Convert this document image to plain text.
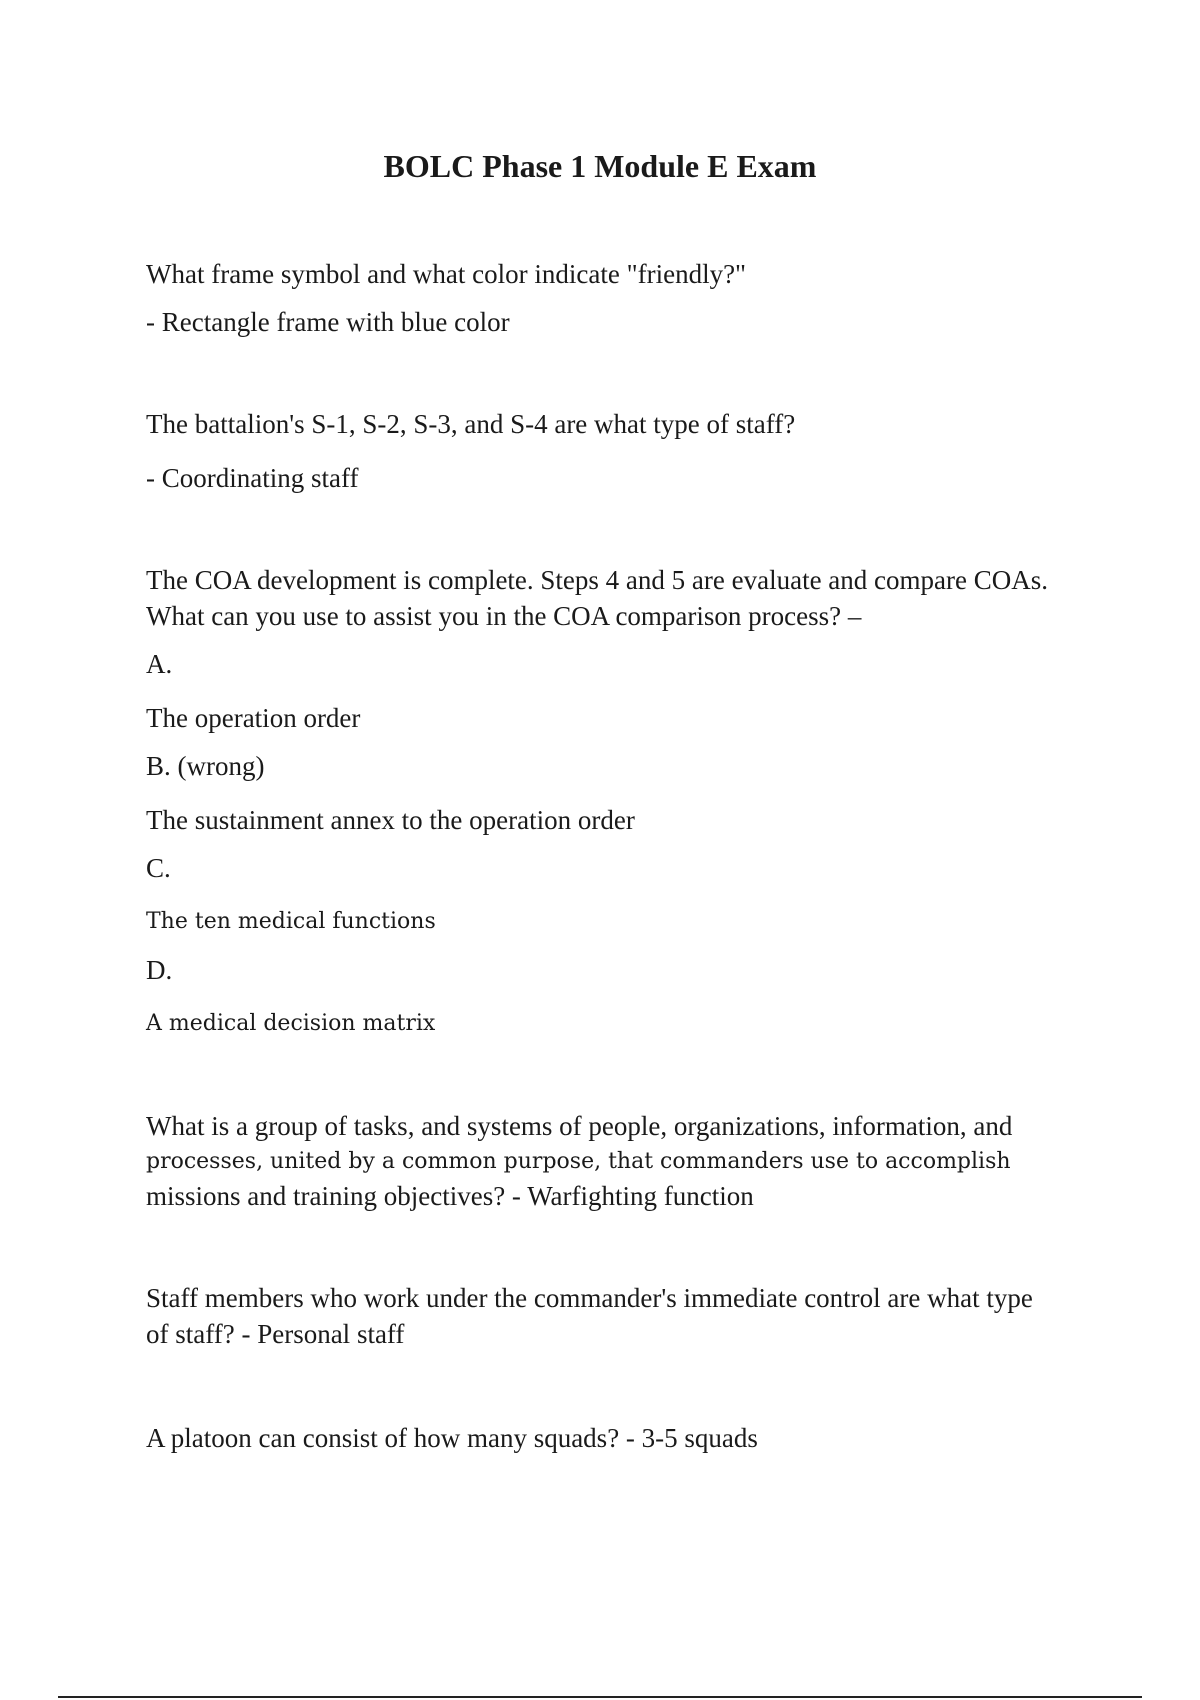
BOLC Phase 1 Module E Exam
What frame symbol and what color indicate "friendly?"
- Rectangle frame with blue color
The battalion's S-1, S-2, S-3, and S-4 are what type of staff?
- Coordinating staff
The COA development is complete. Steps 4 and 5 are evaluate and compare COAs.
What can you use to assist you in the COA comparison process? –
A.
The operation order
B. (wrong)
The sustainment annex to the operation order
C.
The ten medical functions
D.
A medical decision matrix
What is a group of tasks, and systems of people, organizations, information, and
processes, united by a common purpose, that commanders use to accomplish
missions and training objectives? - Warfighting function
Staff members who work under the commander's immediate control are what type
of staff? - Personal staff
A platoon can consist of how many squads? - 3-5 squads
